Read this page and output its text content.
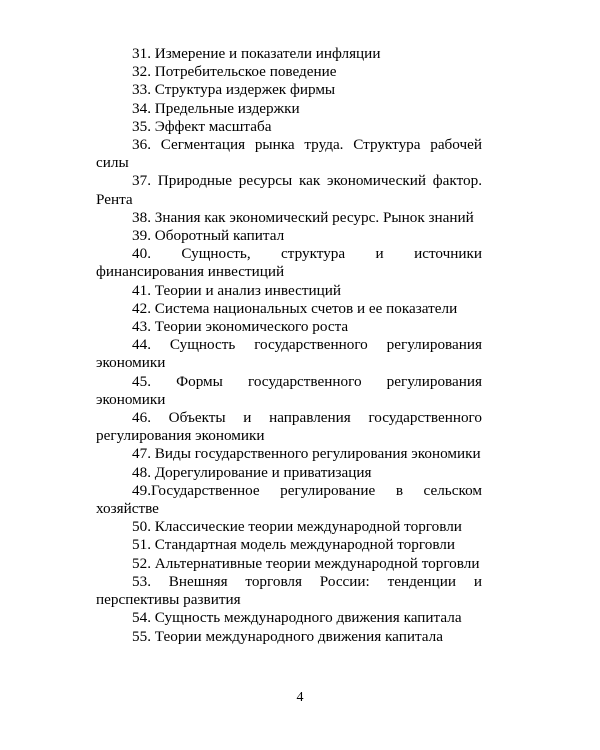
31. Измерение и показатели инфляции
32. Потребительское поведение
33. Структура издержек фирмы
34. Предельные издержки
35. Эффект масштаба
36. Сегментация рынка труда. Структура рабочей силы
37. Природные ресурсы как экономический фактор. Рента
38. Знания как экономический ресурс. Рынок знаний
39. Оборотный капитал
40. Сущность, структура и источники финансирования инвестиций
41. Теории и анализ инвестиций
42. Система национальных счетов и ее показатели
43. Теории экономического роста
44. Сущность государственного регулирования экономики
45. Формы государственного регулирования экономики
46. Объекты и направления государственного регулирования экономики
47. Виды государственного регулирования экономики
48. Дорегулирование и приватизация
49.Государственное регулирование в сельском хозяйстве
50. Классические теории международной торговли
51. Стандартная модель международной торговли
52. Альтернативные теории международной торговли
53. Внешняя торговля России: тенденции и перспективы развития
54. Сущность международного движения капитала
55. Теории международного движения капитала
4
